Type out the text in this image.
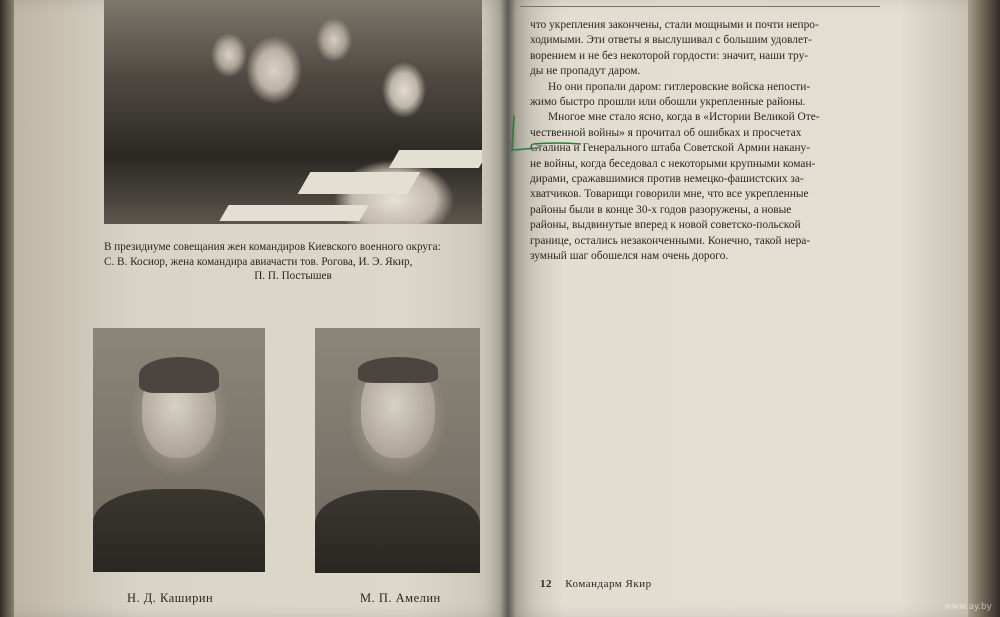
В президиуме совещания жен командиров Киевского военного округа:
С. В. Косиор, жена командира авиачасти тов. Рогова, И. Э. Якир,
П. П. Постышев
Н. Д. Каширин	М. П. Амелин

что укрепления закончены, стали мощными и почти непро-

ходимыми. Эти ответы я выслушивал с большим удовлет-

ворением и не без некоторой гордости: значит, наши тру-

ды не пропадут даром.

Но они пропали даром: гитлеровские войска непости-

жимо быстро прошли или обошли укрепленные районы.

Многое мне стало ясно, когда в «Истории Великой Оте-

чественной войны» я прочитал об ошибках и просчетах

Сталина и Генерального штаба Советской Армии накану-

не войны, когда беседовал с некоторыми крупными коман-

дирами, сражавшимися против немецко-фашистских за-

хватчиков. Товарищи говорили мне, что все укрепленные

районы были в конце 30-х годов разоружены, а новые

районы, выдвинутые вперед к новой советско-польской

границе, остались незаконченными. Конечно, такой нера-

зумный шаг обошелся нам очень дорого.

12 Командарм Якир
www.ay.by
